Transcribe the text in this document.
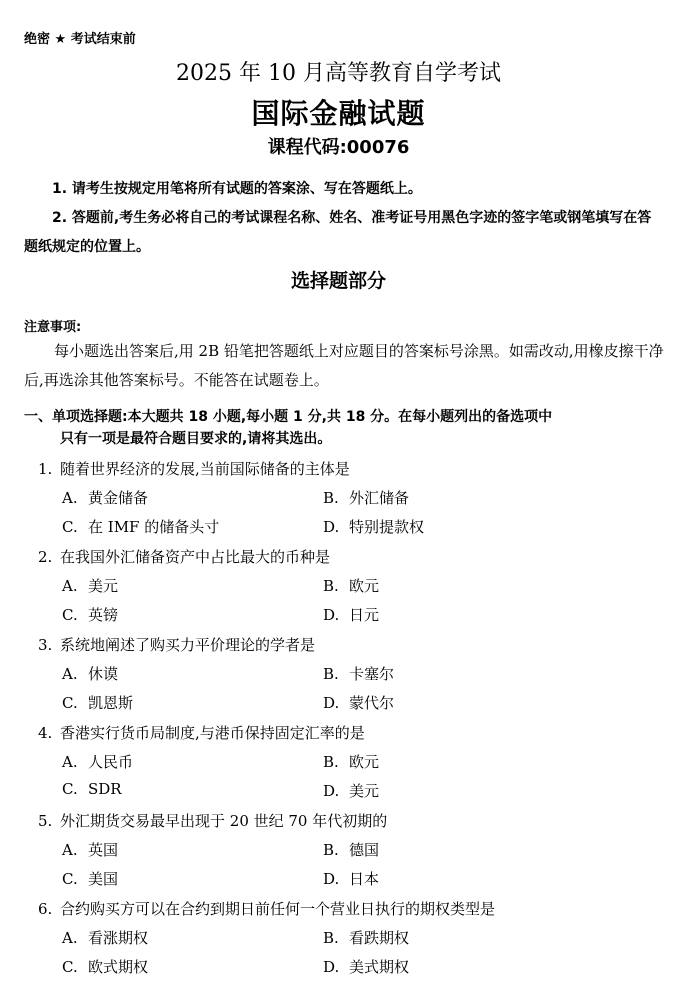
绝密 ★ 考试结束前
2025 年 10 月高等教育自学考试
国际金融试题
课程代码:00076
1. 请考生按规定用笔将所有试题的答案涂、写在答题纸上。
2. 答题前,考生务必将自己的考试课程名称、姓名、准考证号用黑色字迹的签字笔或钢笔填写在答题纸规定的位置上。
选择题部分
注意事项:
每小题选出答案后,用 2B 铅笔把答题纸上对应题目的答案标号涂黑。如需改动,用橡皮擦干净后,再选涂其他答案标号。不能答在试题卷上。
一、单项选择题:本大题共 18 小题,每小题 1 分,共 18 分。在每小题列出的备选项中
只有一项是最符合题目要求的,请将其选出。
1. 随着世界经济的发展,当前国际储备的主体是
A. 黄金储备	B. 外汇储备
C. 在 IMF 的储备头寸	D. 特别提款权
2. 在我国外汇储备资产中占比最大的币种是
A. 美元	B. 欧元
C. 英镑	D. 日元
3. 系统地阐述了购买力平价理论的学者是
A. 休谟	B. 卡塞尔
C. 凯恩斯	D. 蒙代尔
4. 香港实行货币局制度,与港币保持固定汇率的是
A. 人民币	B. 欧元
C. SDR	D. 美元
5. 外汇期货交易最早出现于 20 世纪 70 年代初期的
A. 英国	B. 德国
C. 美国	D. 日本
6. 合约购买方可以在合约到期日前任何一个营业日执行的期权类型是
A. 看涨期权	B. 看跌期权
C. 欧式期权	D. 美式期权
